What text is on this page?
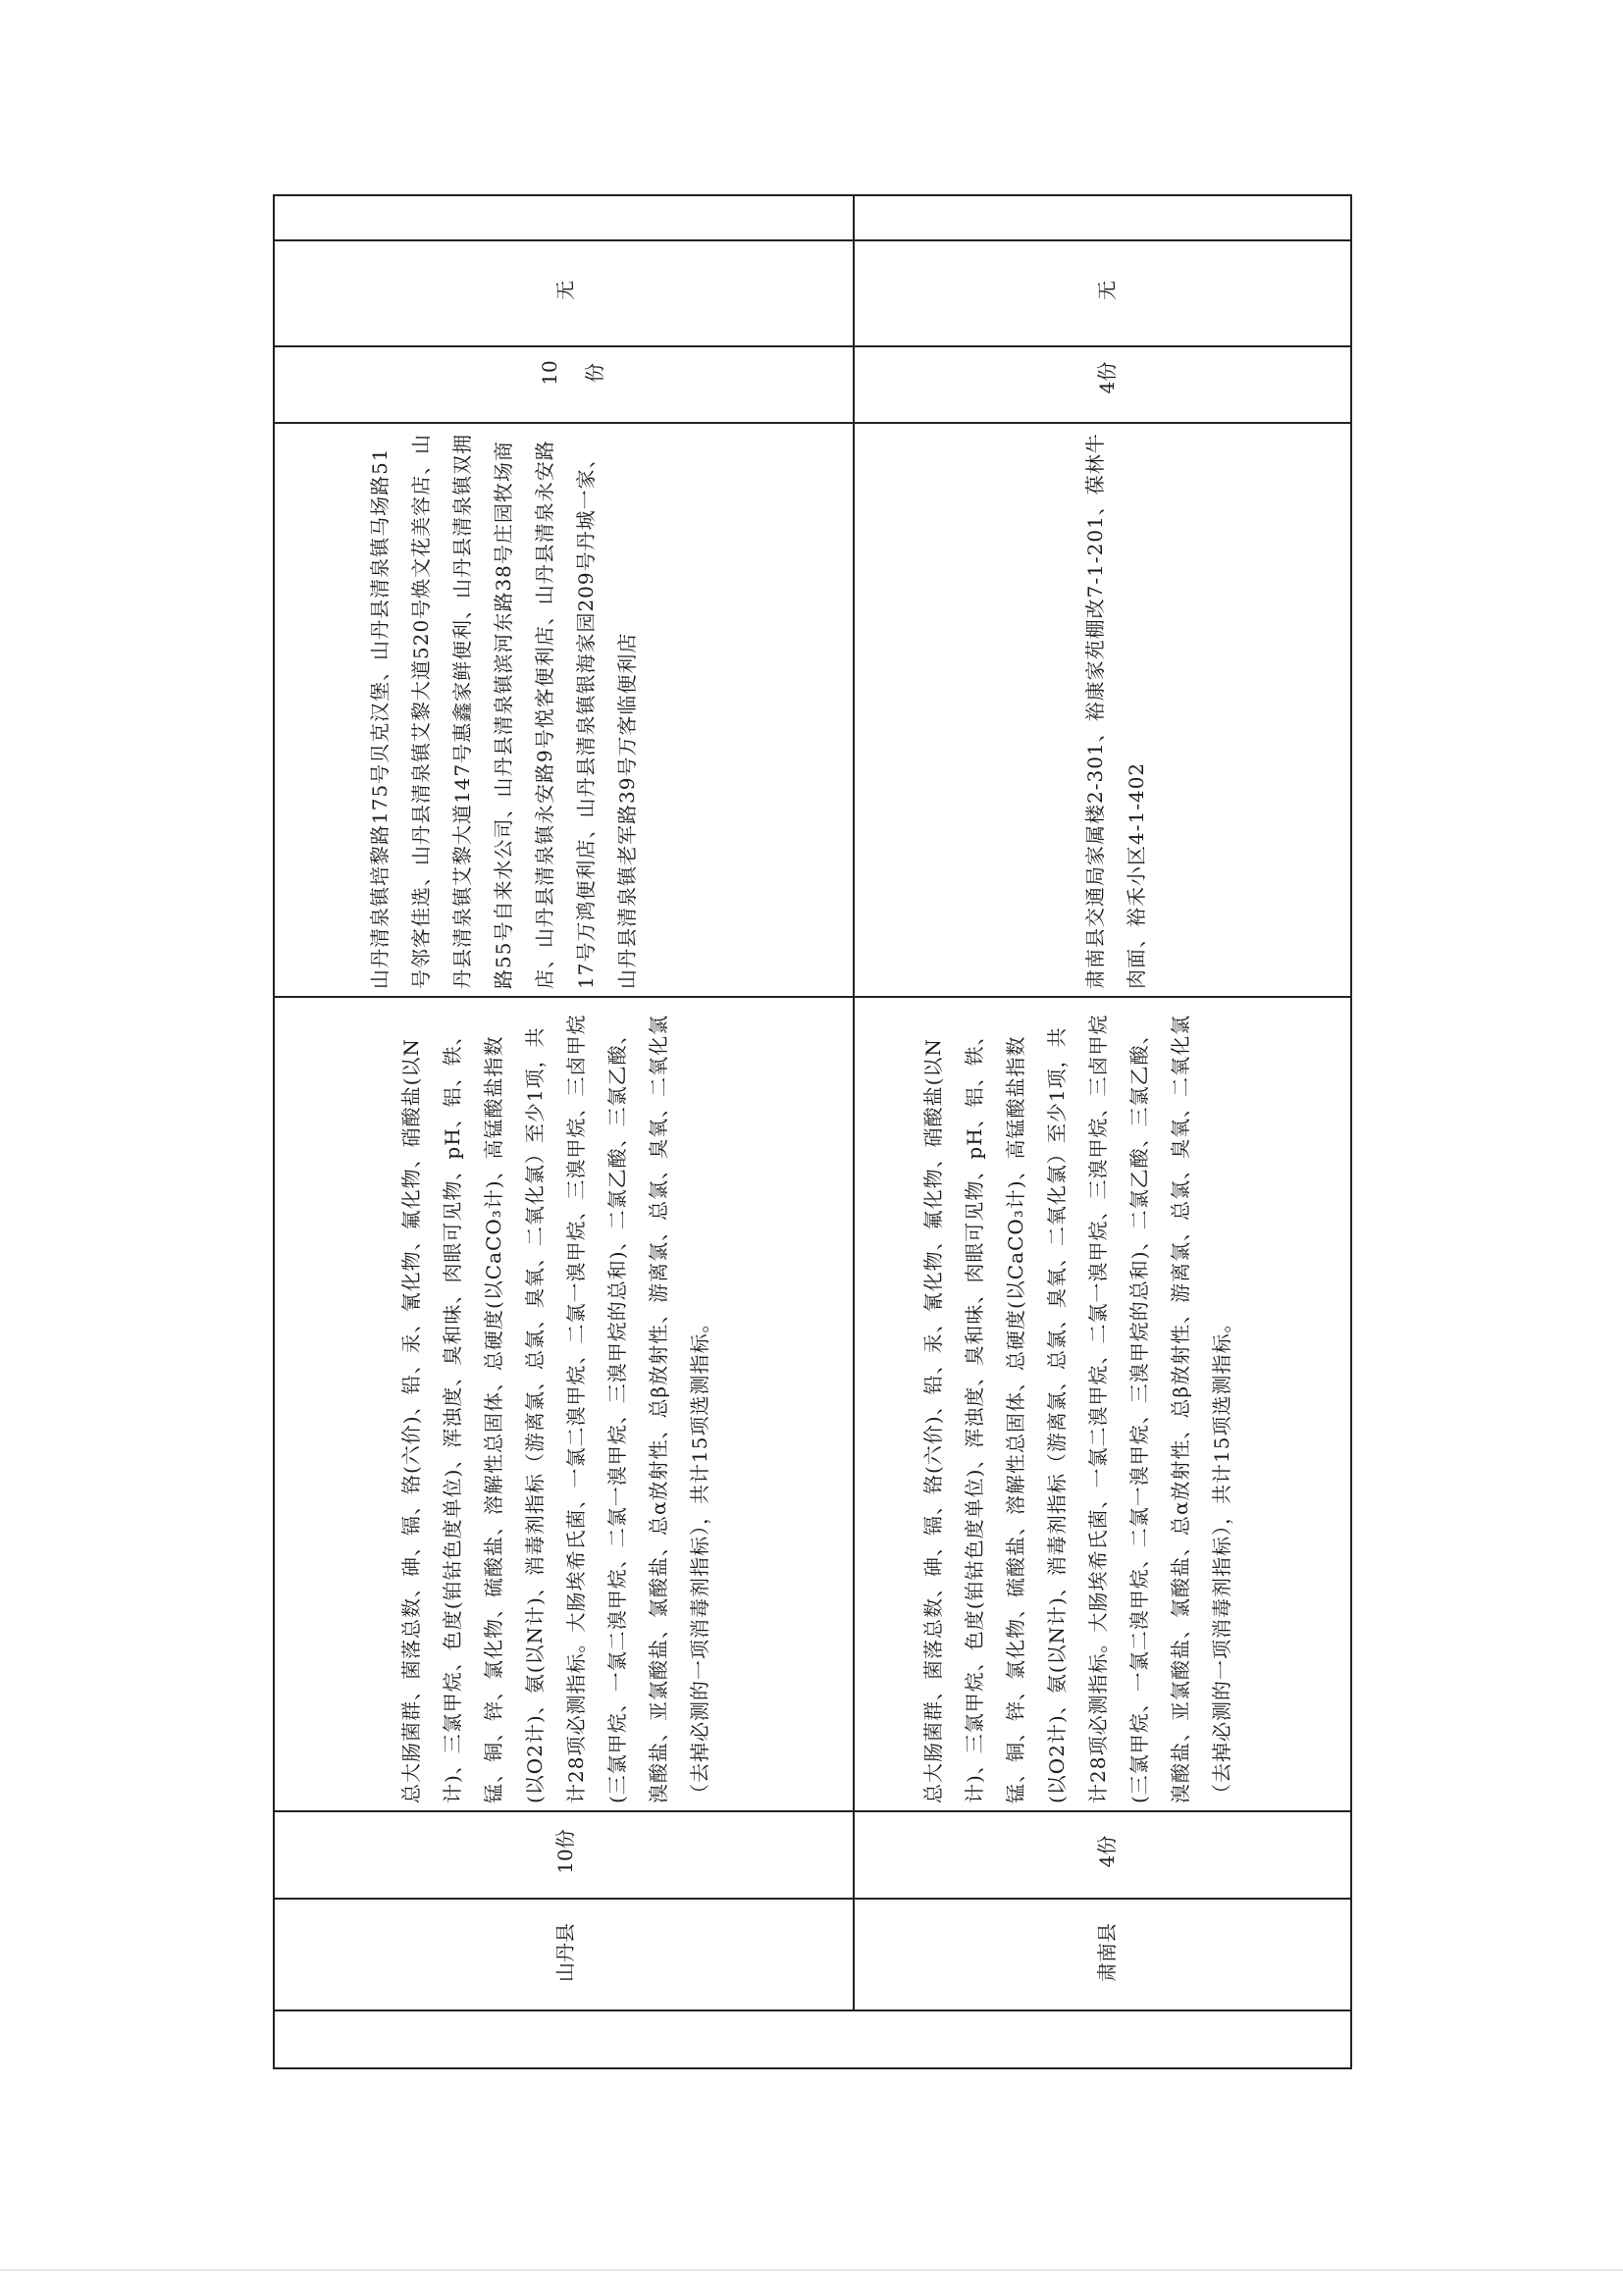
山丹县
10份
总大肠菌群、菌落总数、砷、镉、铬(六价)、铅、汞、氰化物、氟化物、硝酸盐(以N计)、三氯甲烷、色度(铂钴色度单位)、浑浊度、臭和味、肉眼可见物、pH、铝、铁、锰、铜、锌、氯化物、硫酸盐、溶解性总固体、总硬度(以CaCO₃计)、高锰酸盐指数(以O2计)、氨(以N计)、消毒剂指标（游离氯、总氯、臭氧、二氧化氯）至少1项，共计28项必测指标。大肠埃希氏菌、一氯二溴甲烷、二氯一溴甲烷、三溴甲烷、三卤甲烷(三氯甲烷、一氯二溴甲烷、二氯一溴甲烷、三溴甲烷的总和)、二氯乙酸、三氯乙酸、溴酸盐、亚氯酸盐、氯酸盐、总α放射性、总β放射性、游离氯、总氯、臭氧、二氧化氯（去掉必测的一项消毒剂指标），共计15项选测指标。
山丹清泉镇培黎路175号贝克汉堡、山丹县清泉镇马场路51号邻客佳选、山丹县清泉镇艾黎大道520号焕文花美容店、山丹县清泉镇艾黎大道147号惠鑫家鲜便利、山丹县清泉镇双拥路55号自来水公司、山丹县清泉镇滨河东路38号庄园牧场商店、山丹县清泉镇永安路9号悦客便利店、山丹县清泉永安路17号万鸿便利店、山丹县清泉镇银海家园209号丹城一家、山丹县清泉镇老军路39号万客临便利店
10 份
无
肃南县
4份
总大肠菌群、菌落总数、砷、镉、铬(六价)、铅、汞、氰化物、氟化物、硝酸盐(以N计)、三氯甲烷、色度(铂钴色度单位)、浑浊度、臭和味、肉眼可见物、pH、铝、铁、锰、铜、锌、氯化物、硫酸盐、溶解性总固体、总硬度(以CaCO₃计)、高锰酸盐指数(以O2计)、氨(以N计)、消毒剂指标（游离氯、总氯、臭氧、二氧化氯）至少1项，共计28项必测指标。大肠埃希氏菌、一氯二溴甲烷、二氯一溴甲烷、三溴甲烷、三卤甲烷(三氯甲烷、一氯二溴甲烷、二氯一溴甲烷、三溴甲烷的总和)、二氯乙酸、三氯乙酸、溴酸盐、亚氯酸盐、氯酸盐、总α放射性、总β放射性、游离氯、总氯、臭氧、二氧化氯（去掉必测的一项消毒剂指标），共计15项选测指标。
肃南县交通局家属楼2-301、裕康家苑棚改7-1-201、葆林牛肉面、裕禾小区4-1-402
4份
无
